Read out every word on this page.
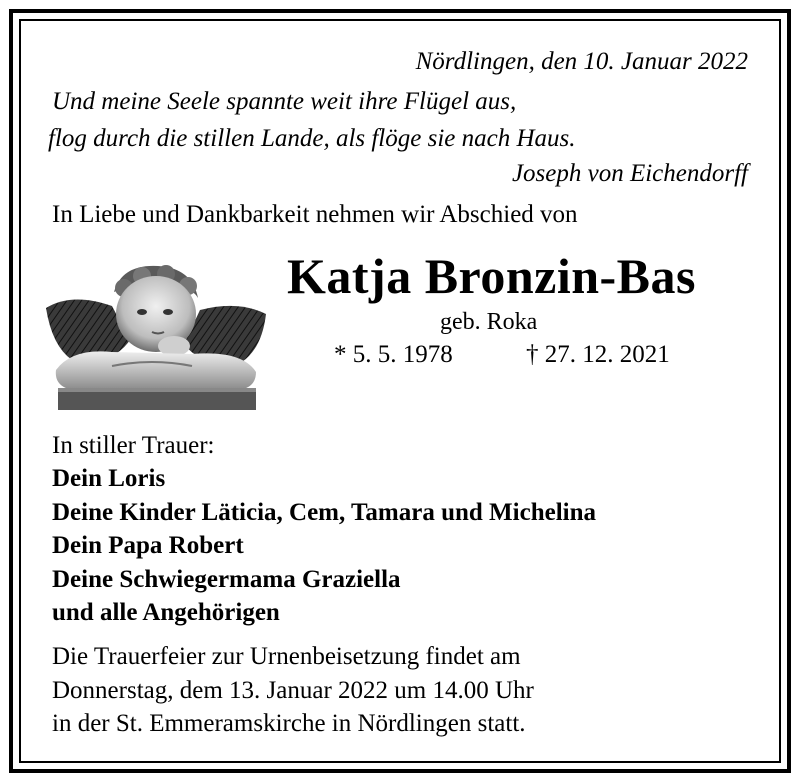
Nördlingen, den 10. Januar 2022
Und meine Seele spannte weit ihre Flügel aus,
flog durch die stillen Lande, als flöge sie nach Haus.
Joseph von Eichendorff
In Liebe und Dankbarkeit nehmen wir Abschied von
Katja Bronzin-Bas
geb. Roka
* 5. 5. 1978	† 27. 12. 2021
In stiller Trauer:
Dein Loris
Deine Kinder Läticia, Cem, Tamara und Michelina
Dein Papa Robert
Deine Schwiegermama Graziella
und alle Angehörigen
Die Trauerfeier zur Urnenbeisetzung findet am
Donnerstag, dem 13. Januar 2022 um 14.00 Uhr
in der St. Emmeramskirche in Nördlingen statt.
